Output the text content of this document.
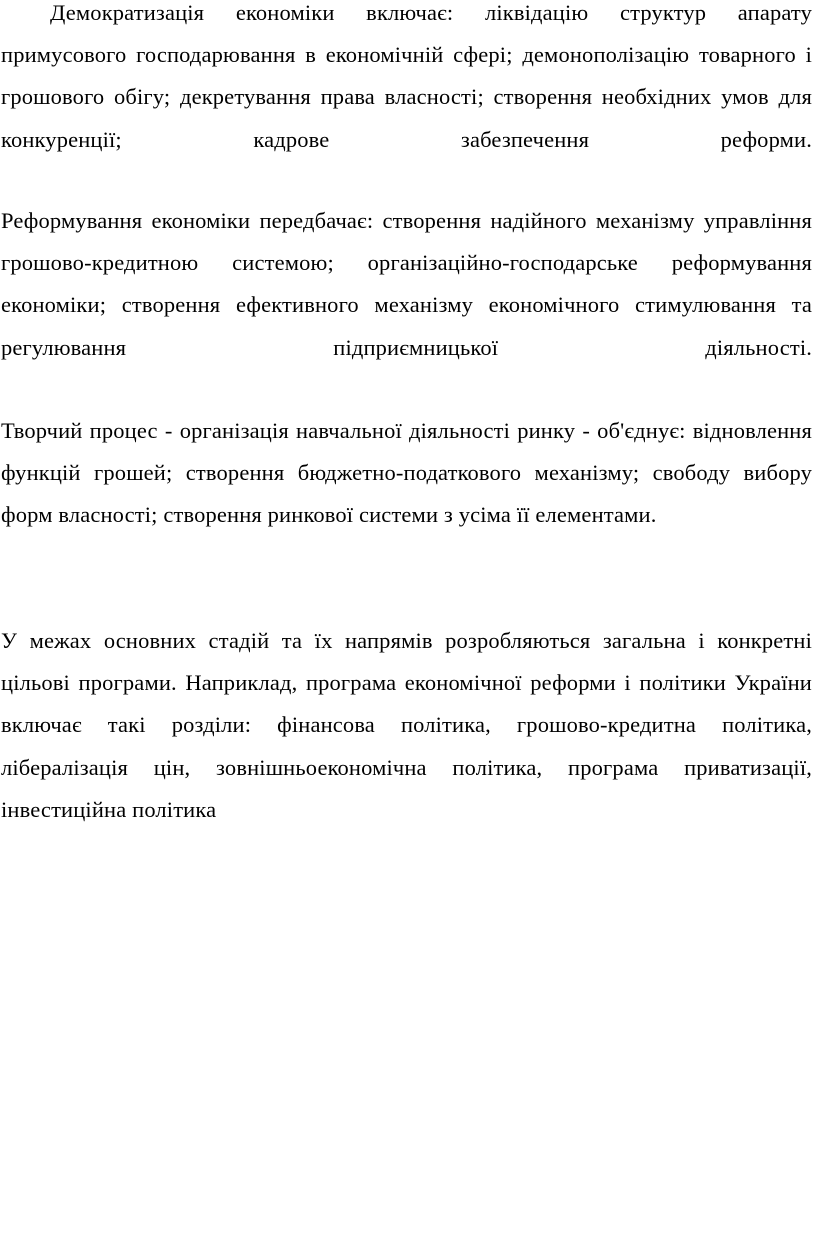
Демократизація економіки включає: ліквідацію структур апарату примусового господарювання в економічній сфері; демонополізацію товарного і грошового обігу; декретування права власності; створення необхідних умов для конкуренції; кадрове забезпечення реформи.

Реформування економіки передбачає: створення надійного механізму управління грошово-кредитною системою; організаційно-господарське реформування економіки; створення ефективного механізму економічного стимулювання та регулювання підприємницької діяльності.

Творчий процес - організація навчальної діяльності ринку - об'єднує: відновлення функцій грошей; створення бюджетно-податкового механізму; свободу вибору форм власності; створення ринкової системи з усіма її елементами.

У межах основних стадій та їх напрямів розробляються загальна і конкретні цільові програми. Наприклад, програма економічної реформи і політики України включає такі розділи: фінансова політика, грошово-кредитна політика, лібералізація цін, зовнішньоекономічна політика, програма приватизації, інвестиційна політика
